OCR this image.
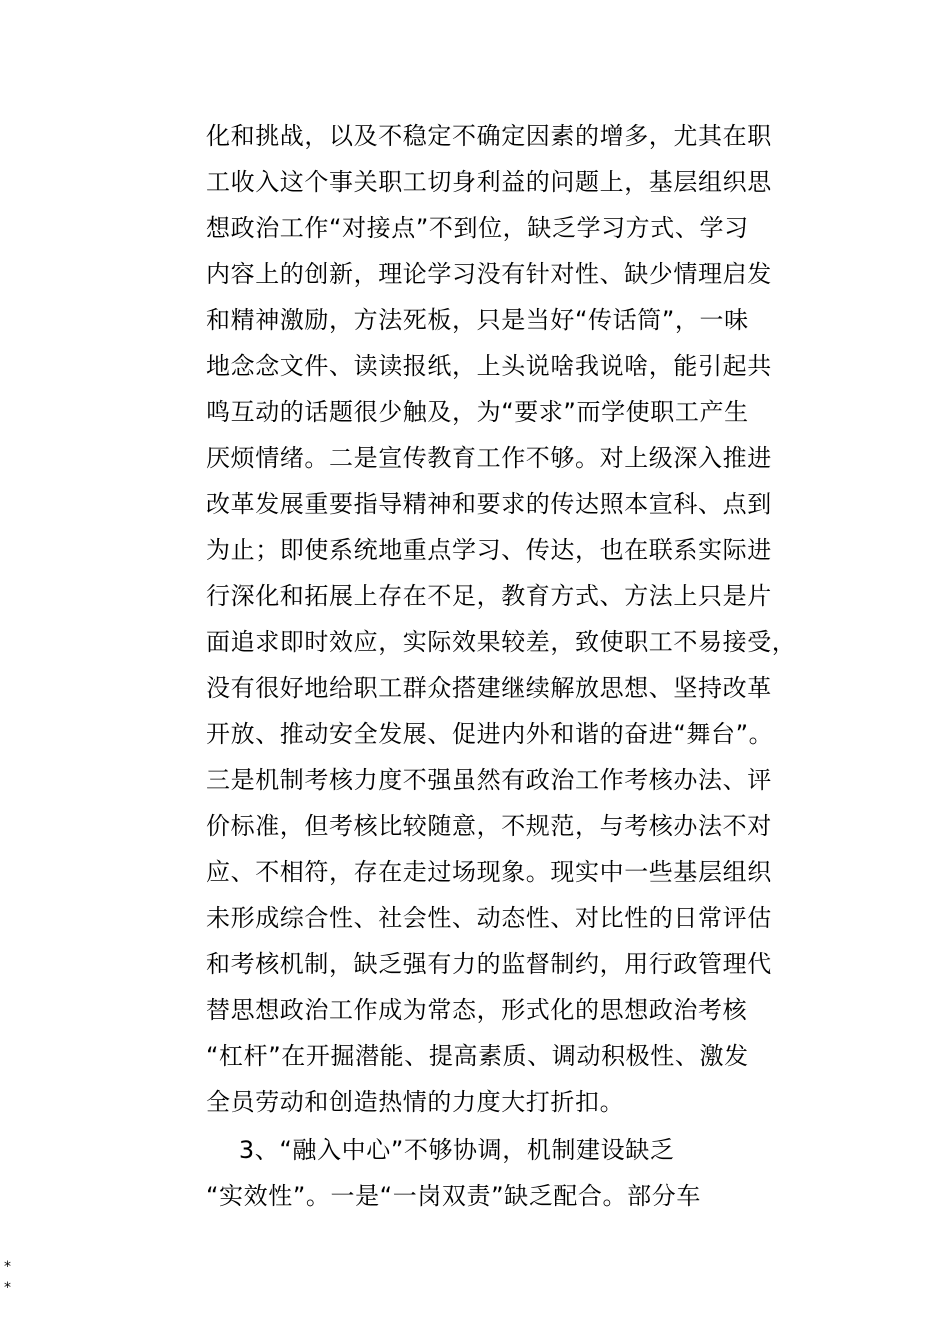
化和挑战，以及不稳定不确定因素的增多，尤其在职
工收入这个事关职工切身利益的问题上，基层组织思
想政治工作“对接点”不到位，缺乏学习方式、学习
内容上的创新，理论学习没有针对性、缺少情理启发
和精神激励，方法死板，只是当好“传话筒”，一味
地念念文件、读读报纸，上头说啥我说啥，能引起共
鸣互动的话题很少触及，为“要求”而学使职工产生
厌烦情绪。二是宣传教育工作不够。对上级深入推进
改革发展重要指导精神和要求的传达照本宣科、点到
为止；即使系统地重点学习、传达，也在联系实际进
行深化和拓展上存在不足，教育方式、方法上只是片
面追求即时效应，实际效果较差，致使职工不易接受，
没有很好地给职工群众搭建继续解放思想、坚持改革
开放、推动安全发展、促进内外和谐的奋进“舞台”。
三是机制考核力度不强虽然有政治工作考核办法、评
价标准，但考核比较随意，不规范，与考核办法不对
应、不相符，存在走过场现象。现实中一些基层组织
未形成综合性、社会性、动态性、对比性的日常评估
和考核机制，缺乏强有力的监督制约，用行政管理代
替思想政治工作成为常态，形式化的思想政治考核
“杠杆”在开掘潜能、提高素质、调动积极性、激发
全员劳动和创造热情的力度大打折扣。
3、“融入中心”不够协调，机制建设缺乏
“实效性”。一是“一岗双责”缺乏配合。部分车
*
*
